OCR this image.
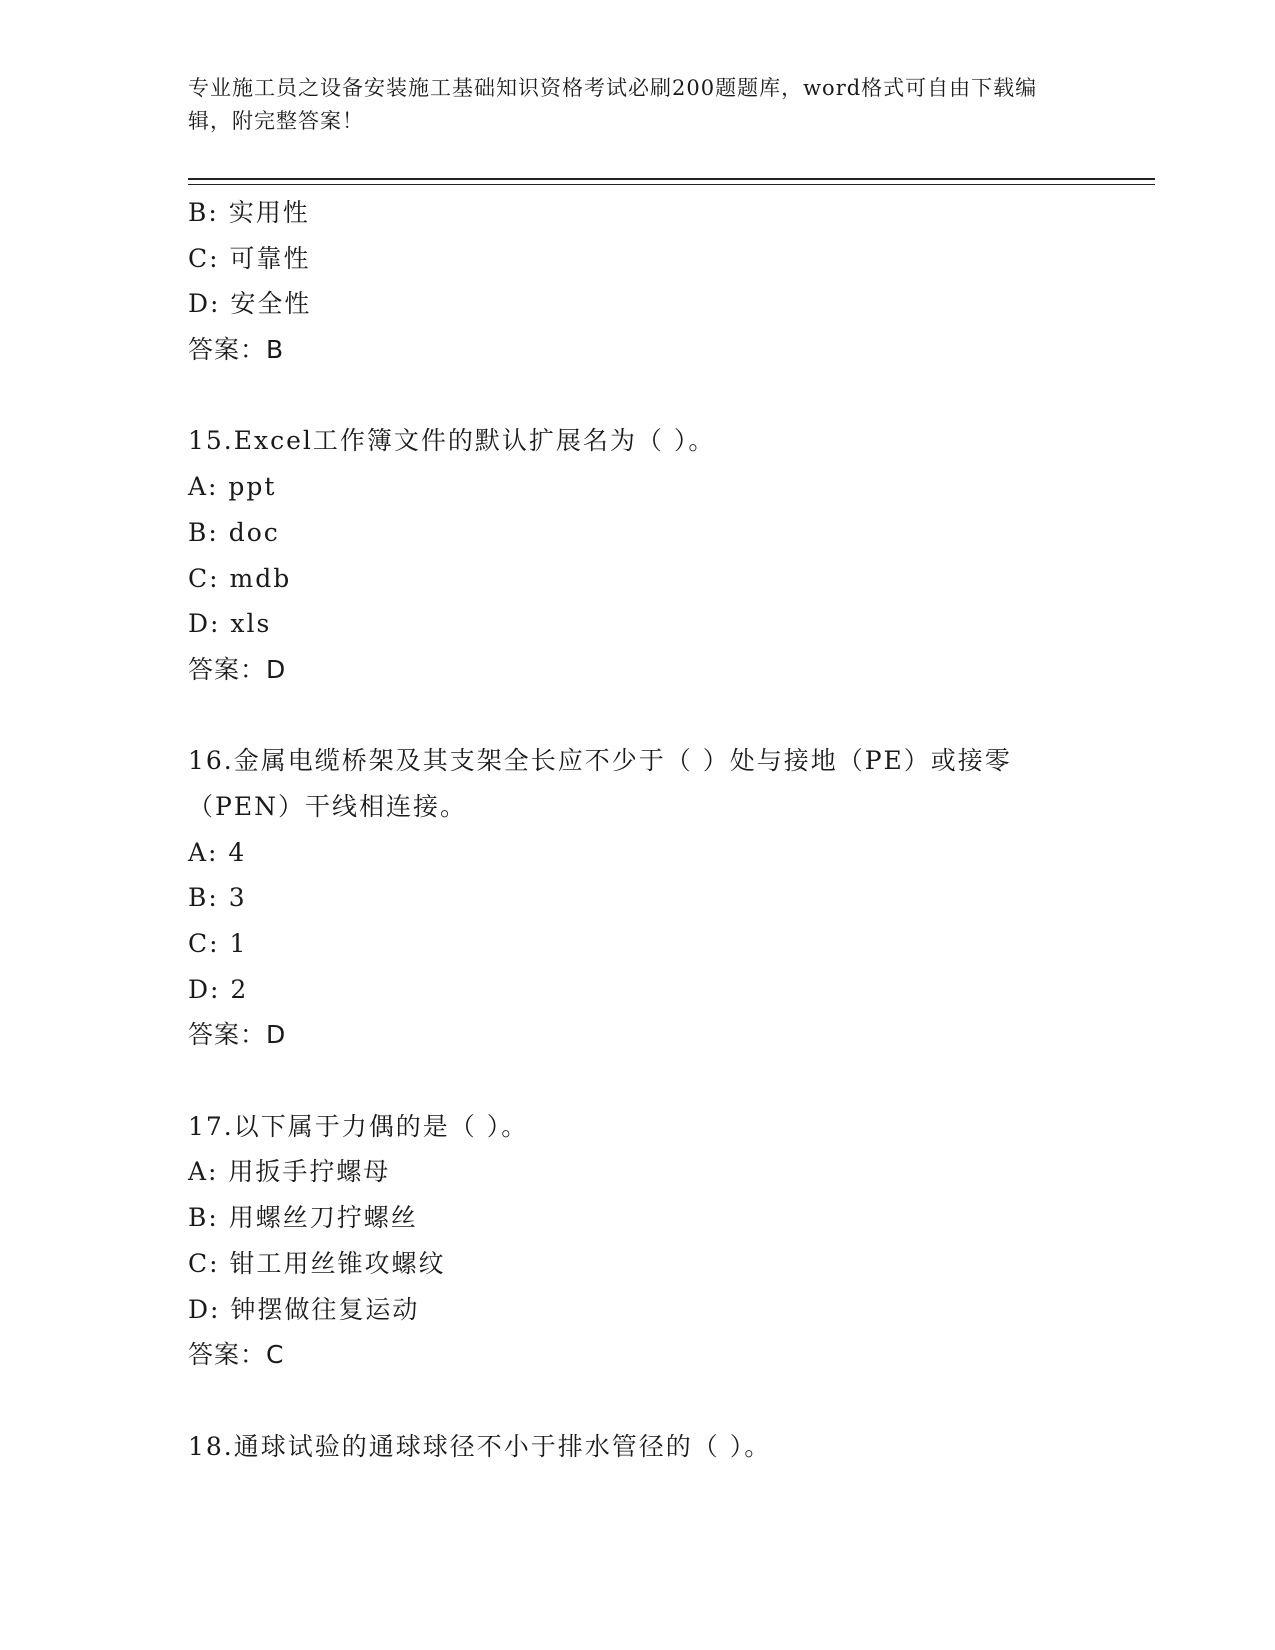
专业施工员之设备安装施工基础知识资格考试必刷200题题库，word格式可自由下载编辑，附完整答案！
B: 实用性
C: 可靠性
D: 安全性
答案：B
15.Excel工作簿文件的默认扩展名为（ ）。
A: ppt
B: doc
C: mdb
D: xls
答案：D
16.金属电缆桥架及其支架全长应不少于（ ）处与接地（PE）或接零（PEN）干线相连接。
A: 4
B: 3
C: 1
D: 2
答案：D
17.以下属于力偶的是（ ）。
A: 用扳手拧螺母
B: 用螺丝刀拧螺丝
C: 钳工用丝锥攻螺纹
D: 钟摆做往复运动
答案：C
18.通球试验的通球球径不小于排水管径的（ ）。
